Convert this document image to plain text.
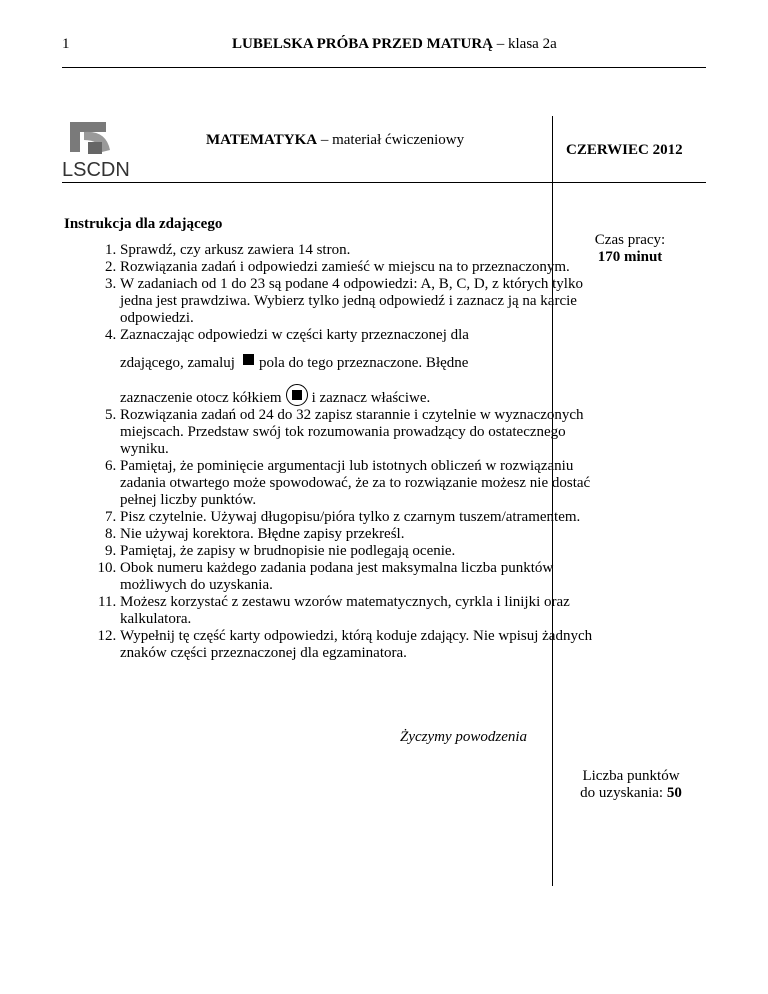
1	LUBELSKA PRÓBA PRZED MATURĄ – klasa 2a
LSCDN
MATEMATYKA – materiał ćwiczeniowy
CZERWIEC 2012
Instrukcja dla zdającego
1. Sprawdź, czy arkusz zawiera 14 stron.
2. Rozwiązania zadań i odpowiedzi zamieść w miejscu na to przeznaczonym.
3. W zadaniach od 1 do 23 są podane 4 odpowiedzi: A, B, C, D, z których tylko jedna jest prawdziwa. Wybierz tylko jedną odpowiedź i zaznacz ją na karcie odpowiedzi.
4. Zaznaczając odpowiedzi w części karty przeznaczonej dla
zdającego, zamaluj pola do tego przeznaczone. Błędne
zaznaczenie otocz kółkiem i zaznacz właściwe.
5. Rozwiązania zadań od 24 do 32 zapisz starannie i czytelnie w wyznaczonych miejscach. Przedstaw swój tok rozumowania prowadzący do ostatecznego wyniku.
6. Pamiętaj, że pominięcie argumentacji lub istotnych obliczeń w rozwiązaniu zadania otwartego może spowodować, że za to rozwiązanie możesz nie dostać pełnej liczby punktów.
7. Pisz czytelnie. Używaj długopisu/pióra tylko z czarnym tuszem/atramentem.
8. Nie używaj korektora. Błędne zapisy przekreśl.
9. Pamiętaj, że zapisy w brudnopisie nie podlegają ocenie.
10. Obok numeru każdego zadania podana jest maksymalna liczba punktów możliwych do uzyskania.
11. Możesz korzystać z zestawu wzorów matematycznych, cyrkla i linijki oraz kalkulatora.
12. Wypełnij tę część karty odpowiedzi, którą koduje zdający. Nie wpisuj żadnych znaków części przeznaczonej dla egzaminatora.
Życzymy powodzenia
Czas pracy:
170 minut
Liczba punktów
do uzyskania: 50
